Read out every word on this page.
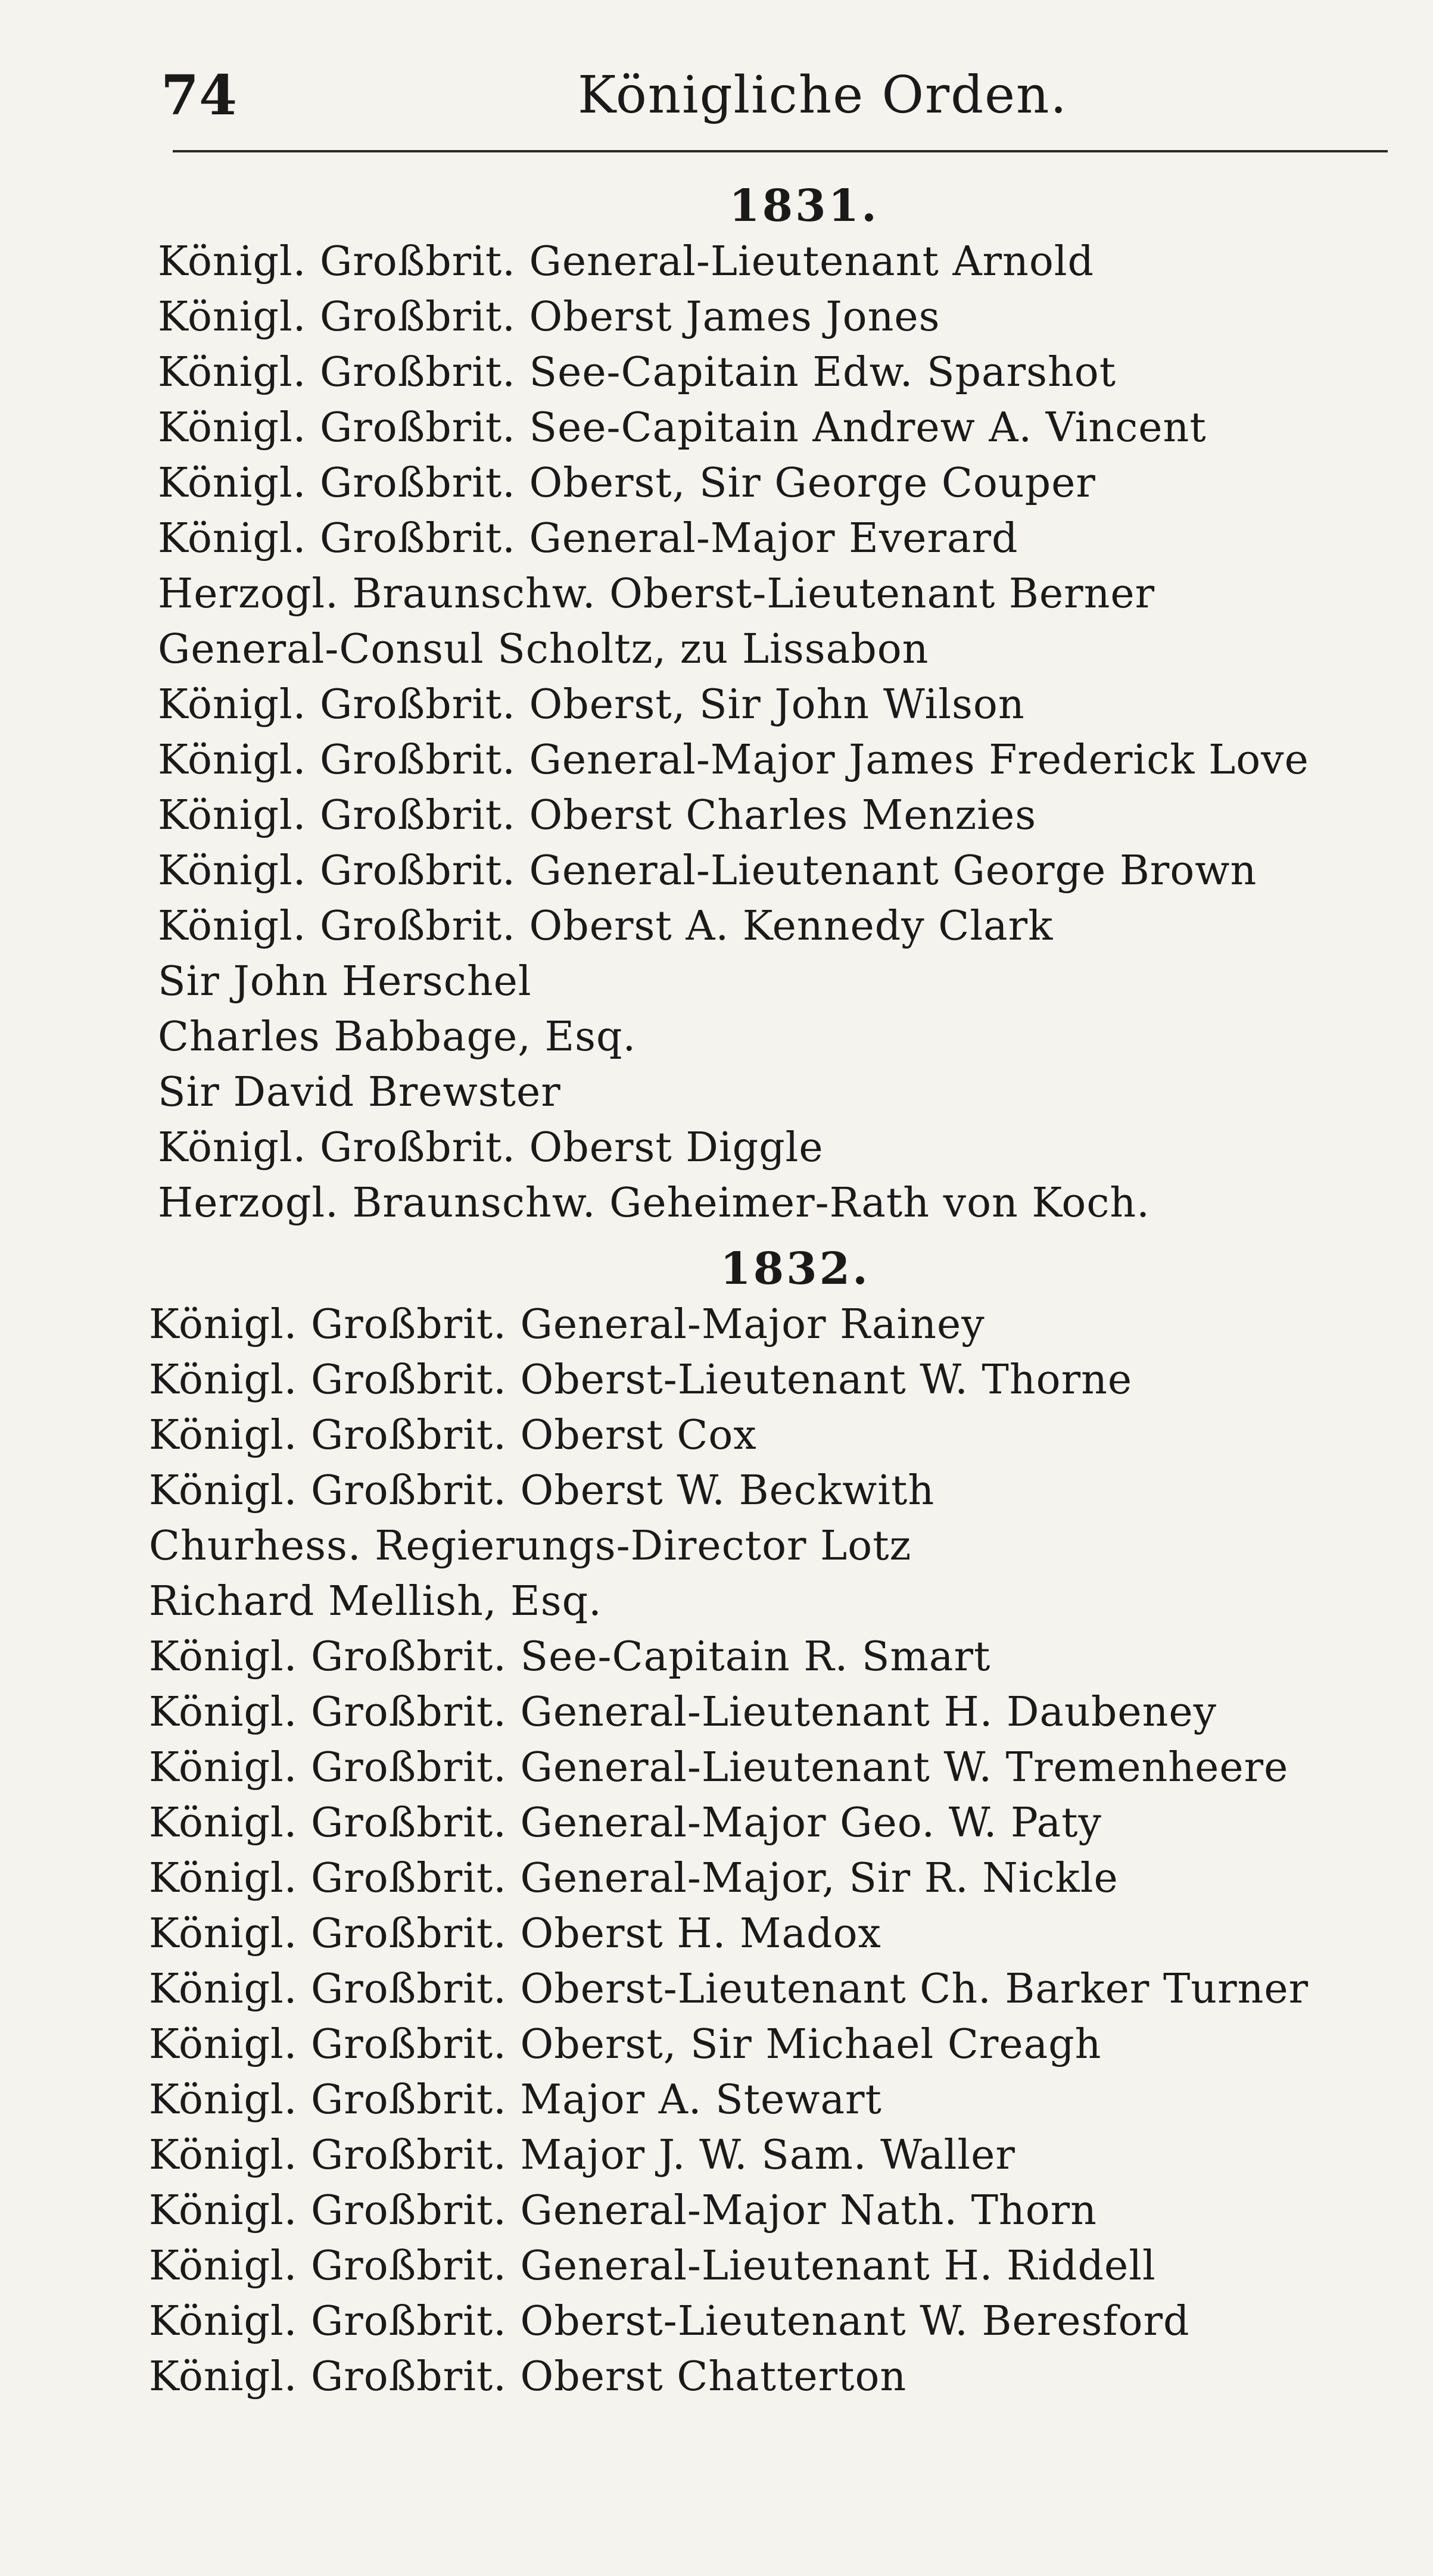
74	Königliche Orden.
1831.
Königl. Großbrit. General-Lieutenant Arnold
Königl. Großbrit. Oberst James Jones
Königl. Großbrit. See-Capitain Edw. Sparshot
Königl. Großbrit. See-Capitain Andrew A. Vincent
Königl. Großbrit. Oberst, Sir George Couper
Königl. Großbrit. General-Major Everard
Herzogl. Braunschw. Oberst-Lieutenant Berner
General-Consul Scholtz, zu Lissabon
Königl. Großbrit. Oberst, Sir John Wilson
Königl. Großbrit. General-Major James Frederick Love
Königl. Großbrit. Oberst Charles Menzies
Königl. Großbrit. General-Lieutenant George Brown
Königl. Großbrit. Oberst A. Kennedy Clark
Sir John Herschel
Charles Babbage, Esq.
Sir David Brewster
Königl. Großbrit. Oberst Diggle
Herzogl. Braunschw. Geheimer-Rath von Koch.
1832.
Königl. Großbrit. General-Major Rainey
Königl. Großbrit. Oberst-Lieutenant W. Thorne
Königl. Großbrit. Oberst Cox
Königl. Großbrit. Oberst W. Beckwith
Churhess. Regierungs-Director Lotz
Richard Mellish, Esq.
Königl. Großbrit. See-Capitain R. Smart
Königl. Großbrit. General-Lieutenant H. Daubeney
Königl. Großbrit. General-Lieutenant W. Tremenheere
Königl. Großbrit. General-Major Geo. W. Paty
Königl. Großbrit. General-Major, Sir R. Nickle
Königl. Großbrit. Oberst H. Madox
Königl. Großbrit. Oberst-Lieutenant Ch. Barker Turner
Königl. Großbrit. Oberst, Sir Michael Creagh
Königl. Großbrit. Major A. Stewart
Königl. Großbrit. Major J. W. Sam. Waller
Königl. Großbrit. General-Major Nath. Thorn
Königl. Großbrit. General-Lieutenant H. Riddell
Königl. Großbrit. Oberst-Lieutenant W. Beresford
Königl. Großbrit. Oberst Chatterton
